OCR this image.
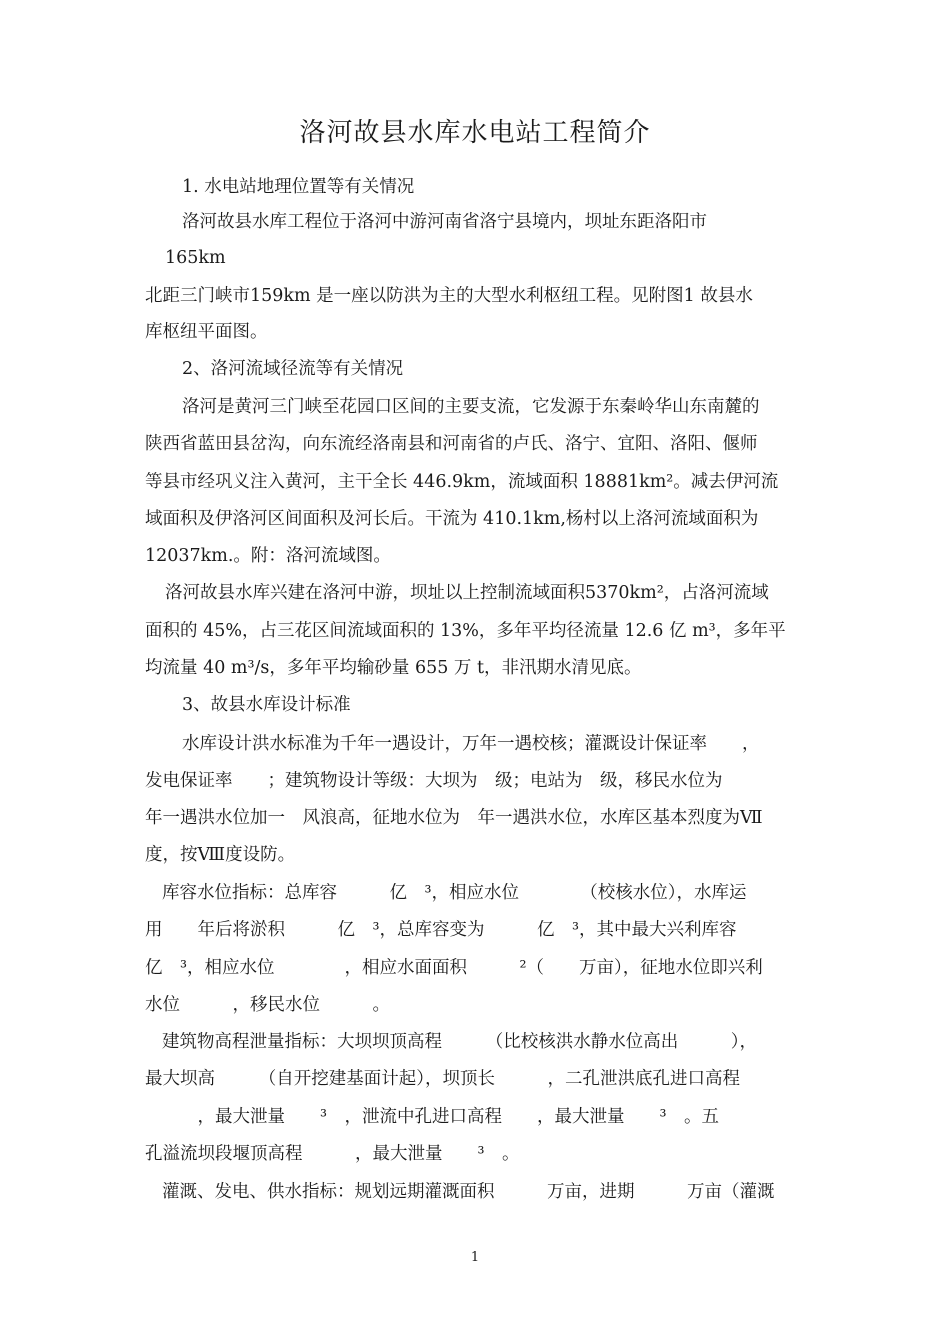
洛河故县水库水电站工程简介
1. 水电站地理位置等有关情况
洛河故县水库工程位于洛河中游河南省洛宁县境内，坝址东距洛阳市
165km
北距三门峡市159km 是一座以防洪为主的大型水利枢纽工程。见附图1 故县水
库枢纽平面图。
2、洛河流域径流等有关情况
洛河是黄河三门峡至花园口区间的主要支流，它发源于东秦岭华山东南麓的
陕西省蓝田县岔沟，向东流经洛南县和河南省的卢氏、洛宁、宜阳、洛阳、偃师
等县市经巩义注入黄河，主干全长 446.9km，流域面积 18881km²。减去伊河流
域面积及伊洛河区间面积及河长后。干流为 410.1km,杨村以上洛河流域面积为
12037km.。附：洛河流域图。
洛河故县水库兴建在洛河中游，坝址以上控制流域面积5370km²，占洛河流域
面积的 45%，占三花区间流域面积的 13%，多年平均径流量 12.6 亿 m³，多年平
均流量 40 m³/s，多年平均输砂量 655 万 t，非汛期水清见底。
3、故县水库设计标准
水库设计洪水标准为千年一遇设计，万年一遇校核；灌溉设计保证率　　，
发电保证率　　；建筑物设计等级：大坝为　级；电站为　级，移民水位为
年一遇洪水位加一　风浪高，征地水位为　年一遇洪水位，水库区基本烈度为Ⅶ
度，按Ⅷ度设防。
库容水位指标：总库容　　　亿　³，相应水位　　　　（校核水位），水库运
用　　年后将淤积　　　亿　³，总库容变为　　　亿　³，其中最大兴利库容
亿　³，相应水位　　　　，相应水面面积　　　²（　　万亩），征地水位即兴利
水位　　　，移民水位　　　。
建筑物高程泄量指标：大坝坝顶高程　　　（比校核洪水静水位高出　　　），
最大坝高　　　（自开挖建基面计起），坝顶长　　　，二孔泄洪底孔进口高程
　　　，最大泄量　　³　，泄流中孔进口高程　　，最大泄量　　³　。五
孔溢流坝段堰顶高程　　　，最大泄量　　³　。
灌溉、发电、供水指标：规划远期灌溉面积　　　万亩，进期　　　万亩（灌溉
1
